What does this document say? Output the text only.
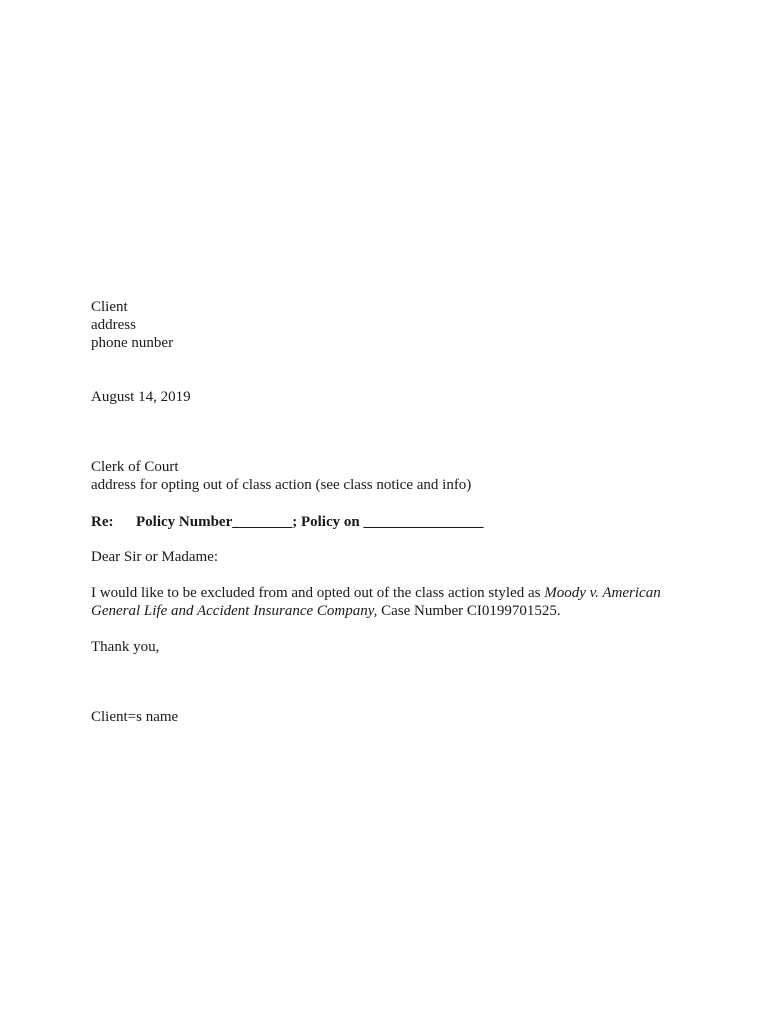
Client
address
phone nunber
August 14, 2019
Clerk of Court
address for opting out of class action (see class notice and info)
Re: Policy Number________; Policy on ________________
Dear Sir or Madame:
I would like to be excluded from and opted out of the class action styled as Moody v. American
General Life and Accident Insurance Company, Case Number CI0199701525.
Thank you,
Client=s name
